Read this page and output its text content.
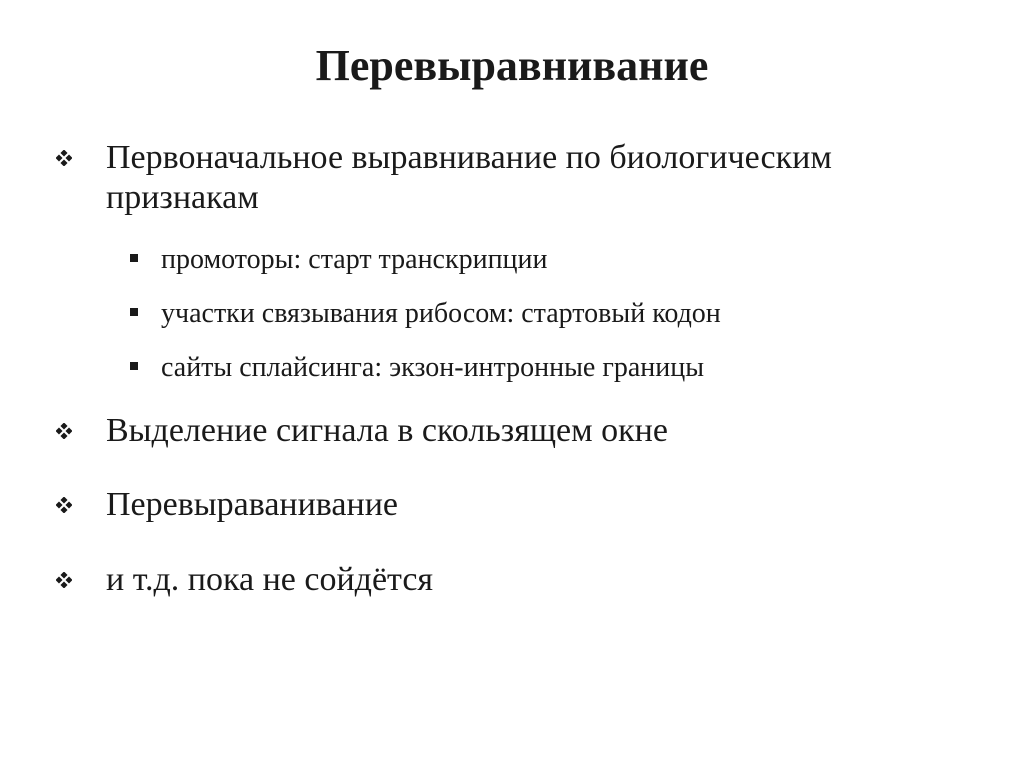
Перевыравнивание
Первоначальное выравнивание по биологическим признакам
промоторы: старт транскрипции
участки связывания рибосом: стартовый кодон
сайты сплайсинга: экзон-интронные границы
Выделение сигнала в скользящем окне
Перевыраванивание
и т.д. пока не сойдётся
